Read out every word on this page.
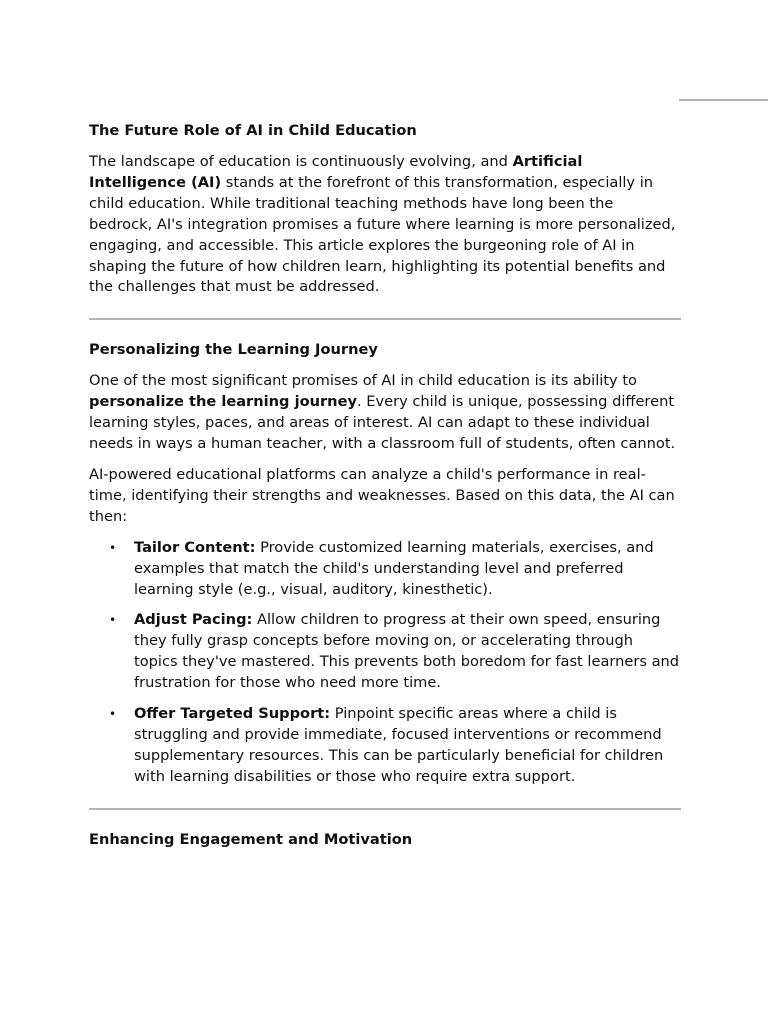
The Future Role of AI in Child Education

The landscape of education is continuously evolving, and Artificial Intelligence (AI) stands at the forefront of this transformation, especially in child education. While traditional teaching methods have long been the bedrock, AI's integration promises a future where learning is more personalized, engaging, and accessible. This article explores the burgeoning role of AI in shaping the future of how children learn, highlighting its potential benefits and the challenges that must be addressed.

Personalizing the Learning Journey

One of the most significant promises of AI in child education is its ability to personalize the learning journey. Every child is unique, possessing different learning styles, paces, and areas of interest. AI can adapt to these individual needs in ways a human teacher, with a classroom full of students, often cannot.

AI-powered educational platforms can analyze a child's performance in real-time, identifying their strengths and weaknesses. Based on this data, the AI can then:

• Tailor Content: Provide customized learning materials, exercises, and examples that match the child's understanding level and preferred learning style (e.g., visual, auditory, kinesthetic).
• Adjust Pacing: Allow children to progress at their own speed, ensuring they fully grasp concepts before moving on, or accelerating through topics they've mastered. This prevents both boredom for fast learners and frustration for those who need more time.
• Offer Targeted Support: Pinpoint specific areas where a child is struggling and provide immediate, focused interventions or recommend supplementary resources. This can be particularly beneficial for children with learning disabilities or those who require extra support.
Enhancing Engagement and Motivation
